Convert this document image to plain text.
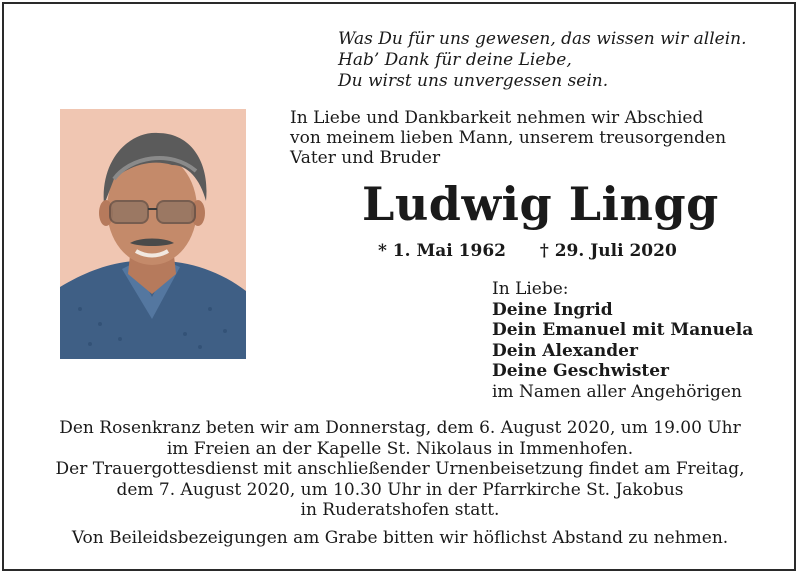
Was Du für uns gewesen, das wissen wir allein.
Hab’ Dank für deine Liebe,
Du wirst uns unvergessen sein.
In Liebe und Dankbarkeit nehmen wir Abschied
von meinem lieben Mann, unserem treusorgenden
Vater und Bruder
Ludwig Lingg
* 1. Mai 1962 † 29. Juli 2020
In Liebe:
Deine Ingrid
Dein Emanuel mit Manuela
Dein Alexander
Deine Geschwister
im Namen aller Angehörigen
Den Rosenkranz beten wir am Donnerstag, dem 6. August 2020, um 19.00 Uhr
im Freien an der Kapelle St. Nikolaus in Immenhofen.
Der Trauergottesdienst mit anschließender Urnenbeisetzung findet am Freitag,
dem 7. August 2020, um 10.30 Uhr in der Pfarrkirche St. Jakobus
in Ruderatshofen statt.
Von Beileidsbezeigungen am Grabe bitten wir höflichst Abstand zu nehmen.
